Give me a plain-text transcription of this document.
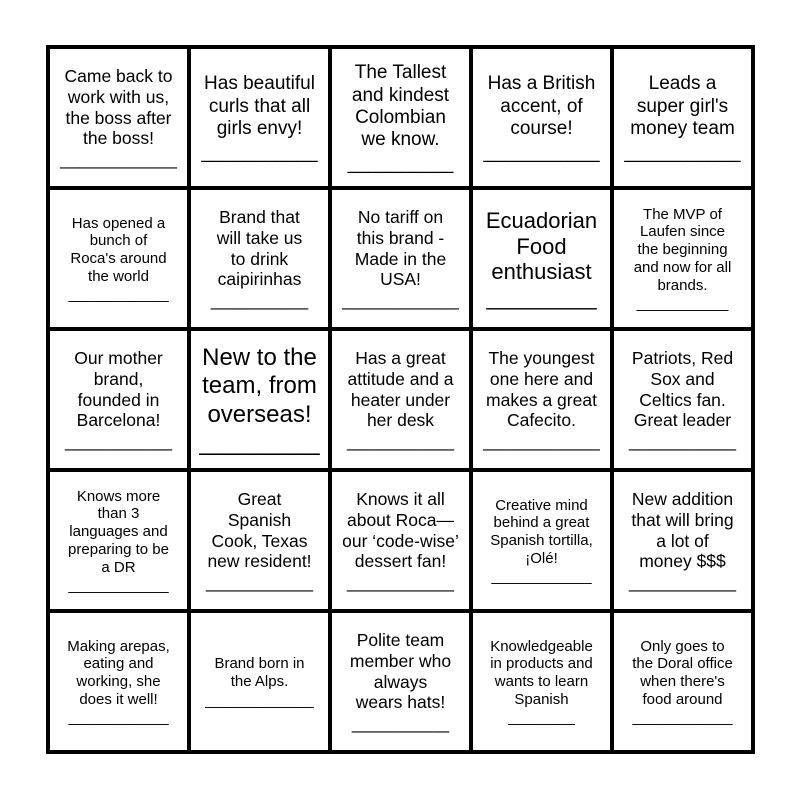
Came back to
work with us,
the boss after
the boss!
____________
Has beautiful
curls that all
girls envy!
___________
The Tallest
and kindest
Colombian
we know.
__________
Has a British
accent, of
course!
___________
Leads a
super girl's
money team
___________
Has opened a
bunch of
Roca's around
the world
____________
Brand that
will take us
to drink
caipirinhas
__________
No tariff on
this brand -
Made in the
USA!
____________
Ecuadorian
Food
enthusiast
_________
The MVP of
Laufen since
the beginning
and now for all
brands.
___________
Our mother
brand,
founded in
Barcelona!
___________
New to the
team, from
overseas!
_________
Has a great
attitude and a
heater under
her desk
___________
The youngest
one here and
makes a great
Cafecito.
____________
Patriots, Red
Sox and
Celtics fan.
Great leader
___________
Knows more
than 3
languages and
preparing to be
a DR
____________
Great
Spanish
Cook, Texas
new resident!
___________
Knows it all
about Roca—
our ‘code-wise’
dessert fan!
___________
Creative mind
behind a great
Spanish tortilla,
¡Olé!
____________
New addition
that will bring
a lot of
money $$$
___________
Making arepas,
eating and
working, she
does it well!
____________
Brand born in
the Alps.
_____________
Polite team
member who
always
wears hats!
__________
Knowledgeable
in products and
wants to learn
Spanish
________
Only goes to
the Doral office
when there's
food around
____________
